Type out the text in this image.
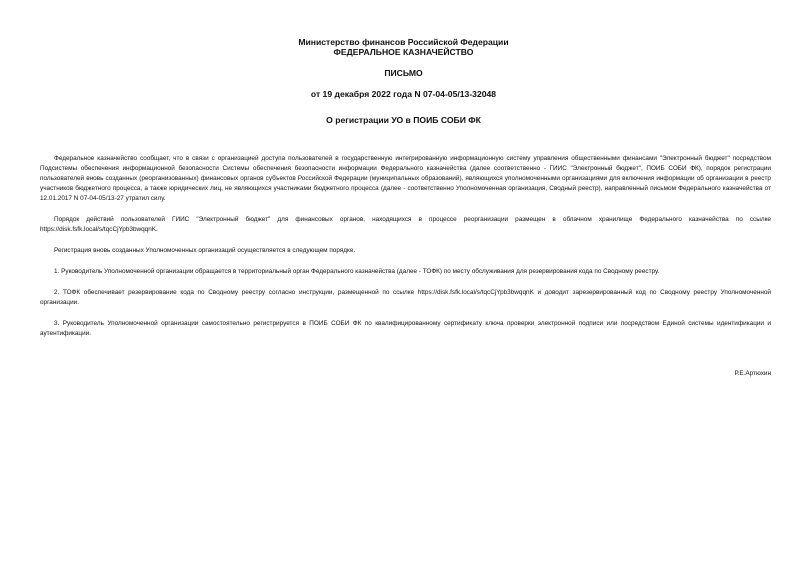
Министерство финансов Российской Федерации
ФЕДЕРАЛЬНОЕ КАЗНАЧЕЙСТВО
ПИСЬМО
от 19 декабря 2022 года N 07-04-05/13-32048
О регистрации УО в ПОИБ СОБИ ФК

Федеральное казначейство сообщает, что в связи с организацией доступа пользователей в государственную интегрированную информационную систему управления общественными финансами "Электронный бюджет" посредством Подсистемы обеспечения информационной безопасности Системы обеспечения безопасности информации Федерального казначейства (далее соответственно - ГИИС "Электронный бюджет", ПОИБ СОБИ ФК), порядок регистрации пользователей вновь созданных (реорганизованных) финансовых органов субъектов Российской Федерации (муниципальных образований), являющихся уполномоченными организациями для включения информации об организации в реестр участников бюджетного процесса, а также юридических лиц, не являющихся участниками бюджетного процесса (далее - соответственно Уполномоченная организация, Сводный реестр), направленный письмом Федерального казначейства от 12.01.2017 N 07-04-05/13-27 утратил силу.

Порядок действий пользователей ГИИС "Электронный бюджет" для финансовых органов, находящихся в процессе реорганизации размещен в облачном хранилище Федерального казначейства по ссылке https://disk.fsfk.local/s/tqcCjYpb3bwqqnK.

Регистрация вновь созданных Уполномоченных организаций осуществляется в следующем порядке.

1. Руководитель Уполномоченной организации обращается в территориальный орган Федерального казначейства (далее - ТОФК) по месту обслуживания для резервирования кода по Сводному реестру.

2. ТОФК обеспечивает резервирование кода по Сводному реестру согласно инструкции, размещенной по ссылке https://disk.fsfk.local/s/tqcCjYpb3bwqqnK и доводит зарезервированный код по Сводному реестру Уполномоченной организации.

3. Руководитель Уполномоченной организации самостоятельно регистрируется в ПОИБ СОБИ ФК по квалифицированному сертификату ключа проверки электронной подписи или посредством Единой системы идентификации и аутентификации.

Р.Е.Артюхин
